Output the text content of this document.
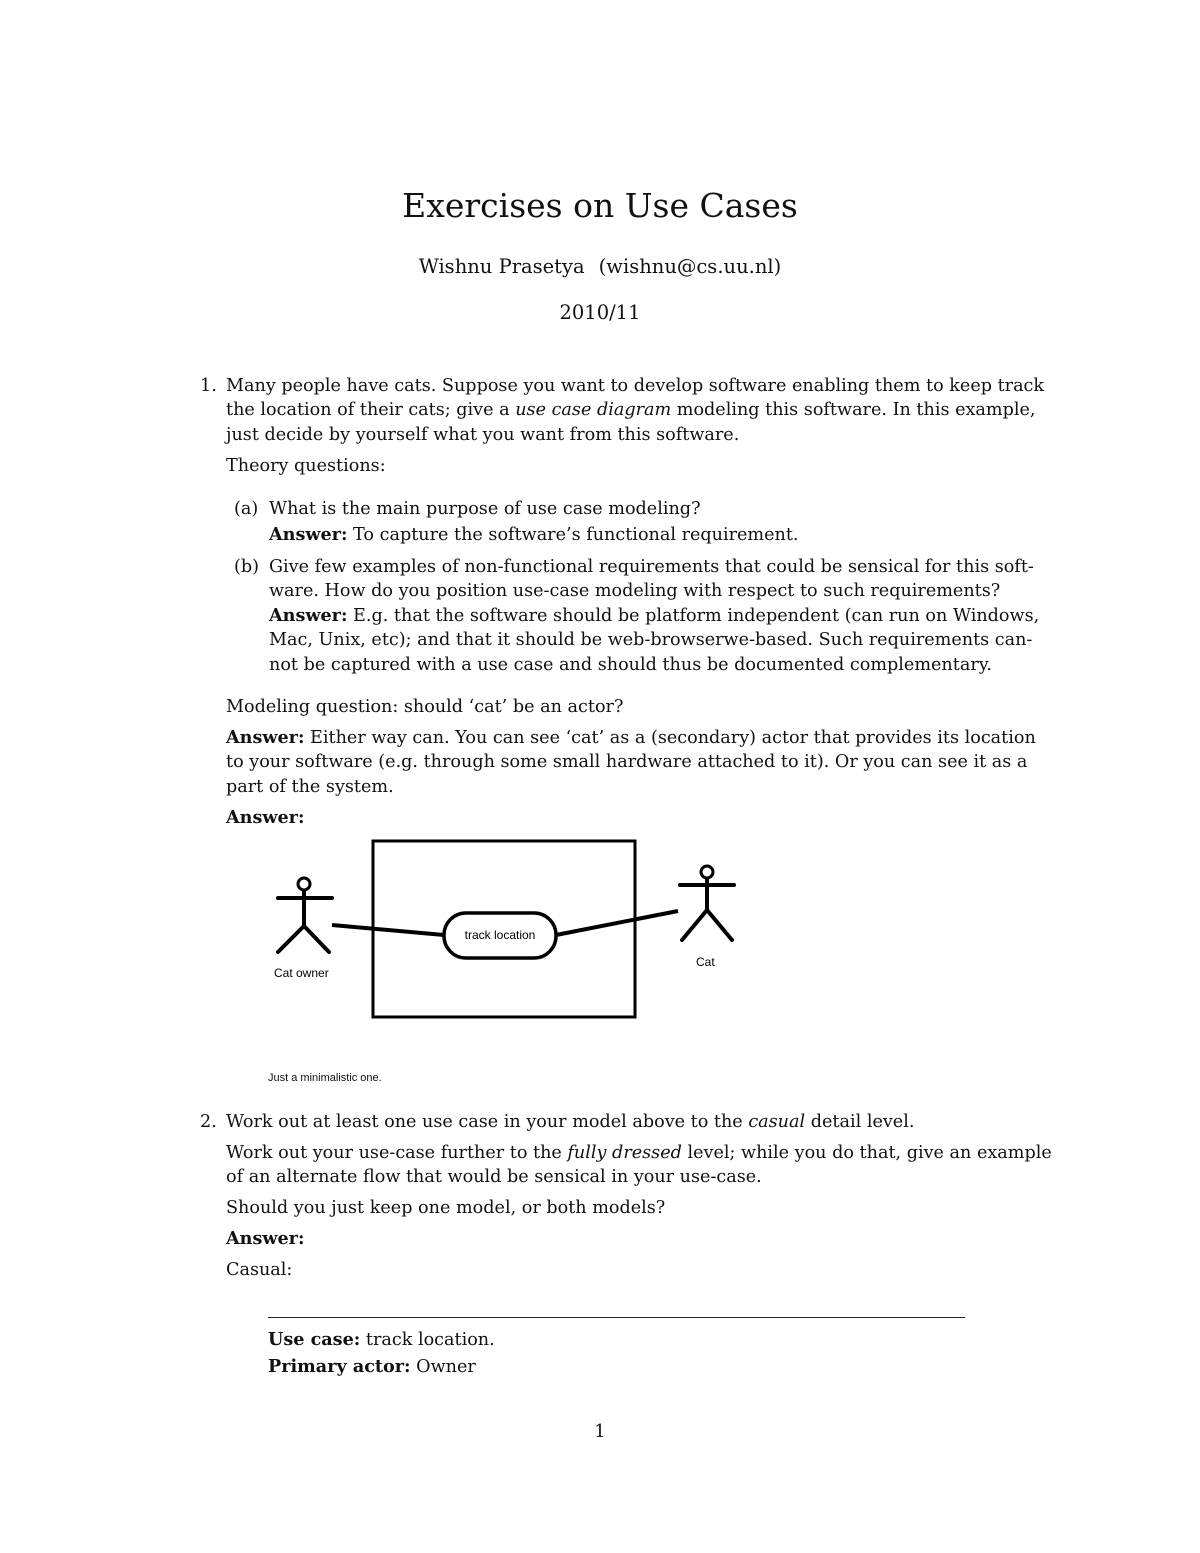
Exercises on Use Cases
Wishnu Prasetya (wishnu@cs.uu.nl)
2010/11
1. Many people have cats. Suppose you want to develop software enabling them to keep track
the location of their cats; give a use case diagram modeling this software. In this example,
just decide by yourself what you want from this software.
Theory questions:
(a) What is the main purpose of use case modeling?
Answer: To capture the software’s functional requirement.
(b) Give few examples of non-functional requirements that could be sensical for this soft-
ware. How do you position use-case modeling with respect to such requirements?
Answer: E.g. that the software should be platform independent (can run on Windows,
Mac, Unix, etc); and that it should be web-browserwe-based. Such requirements can-
not be captured with a use case and should thus be documented complementary.
Modeling question: should ‘cat’ be an actor?
Answer: Either way can. You can see ‘cat’ as a (secondary) actor that provides its location
to your software (e.g. through some small hardware attached to it). Or you can see it as a
part of the system.
Answer:
track location
Cat owner
Cat
Just a minimalistic one.
2. Work out at least one use case in your model above to the casual detail level.
Work out your use-case further to the fully dressed level; while you do that, give an example
of an alternate flow that would be sensical in your use-case.
Should you just keep one model, or both models?
Answer:
Casual:
Use case: track location.
Primary actor: Owner
1
